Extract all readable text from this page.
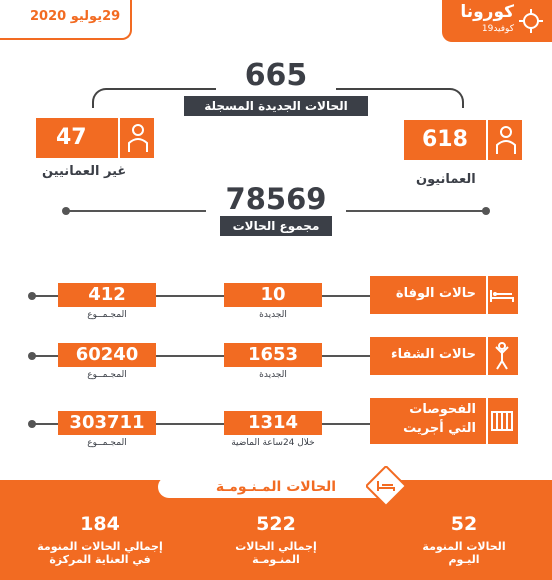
29يوليو 2020	كورونا
كوفيد19
665
الحالات الجديدة المسجلة
47
غير العمانيين
618
العمانيون
78569
مجموع الحالات
412
المجـمــوع
10
الجديدة
حالات الوفاة
60240
المجـمــوع
1653
الجديدة
حالات الشفاء
303711
المجـمــوع
1314
خلال 24ساعة الماضية
الفحوصات
التي أجريت
الحالات المـنـومـة
184
إجمالي الحالات المنومة
في العناية المركزة
522
إجمالي الحالات
المنـومـة
52
الحالات المنومة
اليـوم
